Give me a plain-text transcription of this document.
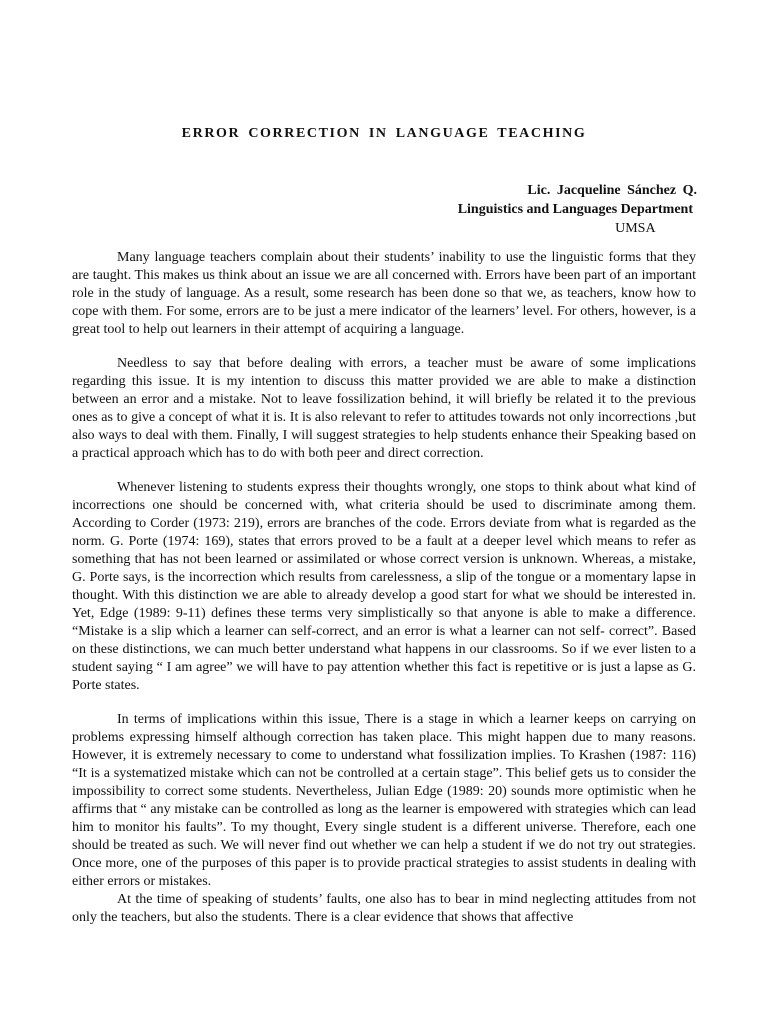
ERROR CORRECTION IN LANGUAGE TEACHING
Lic. Jacqueline Sánchez Q.
Linguistics and Languages Department
UMSA

Many language teachers complain about their students’ inability to use the linguistic forms that they are taught. This makes us think about an issue we are all concerned with. Errors have been part of an important role in the study of language. As a result, some research has been done so that we, as teachers, know how to cope with them. For some, errors are to be just a mere indicator of the learners’ level. For others, however, is a great tool to help out learners in their attempt of acquiring a language.

Needless to say that before dealing with errors, a teacher must be aware of some implications regarding this issue. It is my intention to discuss this matter provided we are able to make a distinction between an error and a mistake. Not to leave fossilization behind, it will briefly be related it to the previous ones as to give a concept of what it is. It is also relevant to refer to attitudes towards not only incorrections ,but also ways to deal with them. Finally, I will suggest strategies to help students enhance their Speaking based on a practical approach which has to do with both peer and direct correction.

Whenever listening to students express their thoughts wrongly, one stops to think about what kind of incorrections one should be concerned with, what criteria should be used to discriminate among them. According to Corder (1973: 219), errors are branches of the code. Errors deviate from what is regarded as the norm. G. Porte (1974: 169), states that errors proved to be a fault at a deeper level which means to refer as something that has not been learned or assimilated or whose correct version is unknown. Whereas, a mistake, G. Porte says, is the incorrection which results from carelessness, a slip of the tongue or a momentary lapse in thought. With this distinction we are able to already develop a good start for what we should be interested in. Yet, Edge (1989: 9-11) defines these terms very simplistically so that anyone is able to make a difference. “Mistake is a slip which a learner can self-correct, and an error is what a learner can not self- correct”. Based on these distinctions, we can much better understand what happens in our classrooms. So if we ever listen to a student saying “ I am agree” we will have to pay attention whether this fact is repetitive or is just a lapse as G. Porte states.

In terms of implications within this issue, There is a stage in which a learner keeps on carrying on problems expressing himself although correction has taken place. This might happen due to many reasons. However, it is extremely necessary to come to understand what fossilization implies. To Krashen (1987: 116) “It is a systematized mistake which can not be controlled at a certain stage”. This belief gets us to consider the impossibility to correct some students. Nevertheless, Julian Edge (1989: 20) sounds more optimistic when he affirms that “ any mistake can be controlled as long as the learner is empowered with strategies which can lead him to monitor his faults”. To my thought, Every single student is a different universe. Therefore, each one should be treated as such. We will never find out whether we can help a student if we do not try out strategies. Once more, one of the purposes of this paper is to provide practical strategies to assist students in dealing with either errors or mistakes.

At the time of speaking of students’ faults, one also has to bear in mind neglecting attitudes from not only the teachers, but also the students. There is a clear evidence that shows that affective
